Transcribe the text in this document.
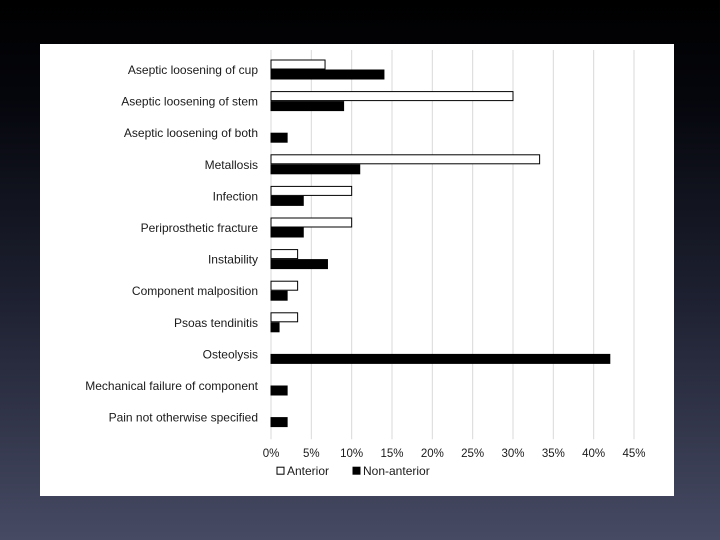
Aseptic loosening of cup
Aseptic loosening of stem
Aseptic loosening of both
Metallosis
Infection
Periprosthetic fracture
Instability
Component malposition
Psoas tendinitis
Osteolysis
Mechanical failure of component
Pain not otherwise specified
0% 5% 10% 15% 20% 25% 30% 35% 40% 45%
Anterior	Non-anterior
